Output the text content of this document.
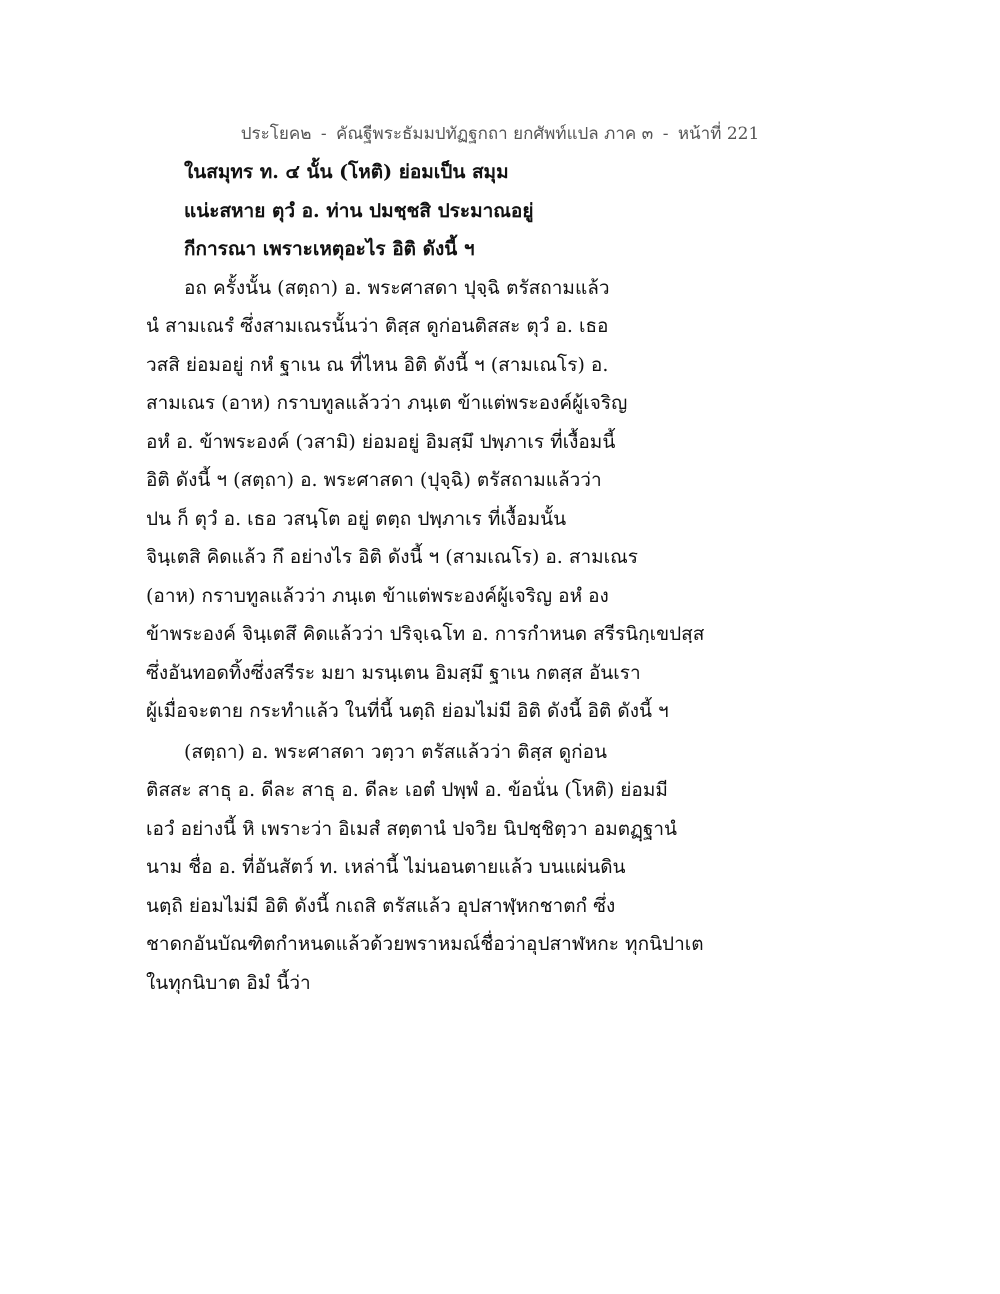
ประโยค๒ - คัณฐีพระธัมมปทัฏฐกถา ยกศัพท์แปล ภาค ๓ - หน้าที่ 221
ในสมุทร ท. ๔ นั้น (โหติ) ย่อมเป็น สมุม
แน่ะสหาย ตุวํ อ. ท่าน ปมชฺชสิ ประมาณอยู่
กีการณา เพราะเหตุอะไร อิติ ดังนี้ ฯ
อถ ครั้งนั้น (สตฺถา) อ. พระศาสดา ปุจฺฉิ ตรัสถามแล้ว
นํ สามเณรํ ซึ่งสามเณรนั้นว่า ติสฺส ดูก่อนติสสะ ตุวํ อ. เธอ
วสสิ ย่อมอยู่ กหํ ฐาเน ณ ที่ไหน อิติ ดังนี้ ฯ (สามเณโร) อ.
สามเณร (อาห) กราบทูลแล้วว่า ภนฺเต ข้าแต่พระองค์ผู้เจริญ
อหํ อ. ข้าพระองค์ (วสามิ) ย่อมอยู่ อิมสฺมึ ปพฺภาเร ที่เงื้อมนี้
อิติ ดังนี้ ฯ (สตฺถา) อ. พระศาสดา (ปุจฺฉิ) ตรัสถามแล้วว่า
ปน ก็ ตุวํ อ. เธอ วสนฺโต อยู่ ตตฺถ ปพฺภาเร ที่เงื้อมนั้น
จินฺเตสิ คิดแล้ว กึ อย่างไร อิติ ดังนี้ ฯ (สามเณโร) อ. สามเณร
(อาห) กราบทูลแล้วว่า ภนฺเต ข้าแต่พระองค์ผู้เจริญ อหํ อง
ข้าพระองค์ จินฺเตสึ คิดแล้วว่า ปริจฺเฉโท อ. การกำหนด สรีรนิกฺเขปสฺส
ซึ่งอันทอดทิ้งซึ่งสรีระ มยา มรนฺเตน อิมสฺมึ ฐาเน กตสฺส อันเรา
ผู้เมื่อจะตาย กระทำแล้ว ในที่นี้ นตฺถิ ย่อมไม่มี อิติ ดังนี้ อิติ ดังนี้ ฯ
(สตฺถา) อ. พระศาสดา วตฺวา ตรัสแล้วว่า ติสฺส ดูก่อน
ติสสะ สาธุ อ. ดีละ สาธุ อ. ดีละ เอตํ ปพฺพํ อ. ข้อนั่น (โหติ) ย่อมมี
เอวํ อย่างนี้ หิ เพราะว่า อิเมสํ สตฺตานํ ปจวิย นิปชฺชิตฺวา อมตฏฺฐานํ
นาม ชื่อ อ. ที่อันสัตว์ ท. เหล่านี้ ไม่นอนตายแล้ว บนแผ่นดิน
นตฺถิ ย่อมไม่มี อิติ ดังนี้ กเถสิ ตรัสแล้ว อุปสาฬฺหกชาตกํ ซึ่ง
ชาดกอันบัณฑิตกำหนดแล้วด้วยพราหมณ์ชื่อว่าอุปสาฬหกะ ทุกนิปาเต
ในทุกนิบาต อิมํ นี้ว่า
